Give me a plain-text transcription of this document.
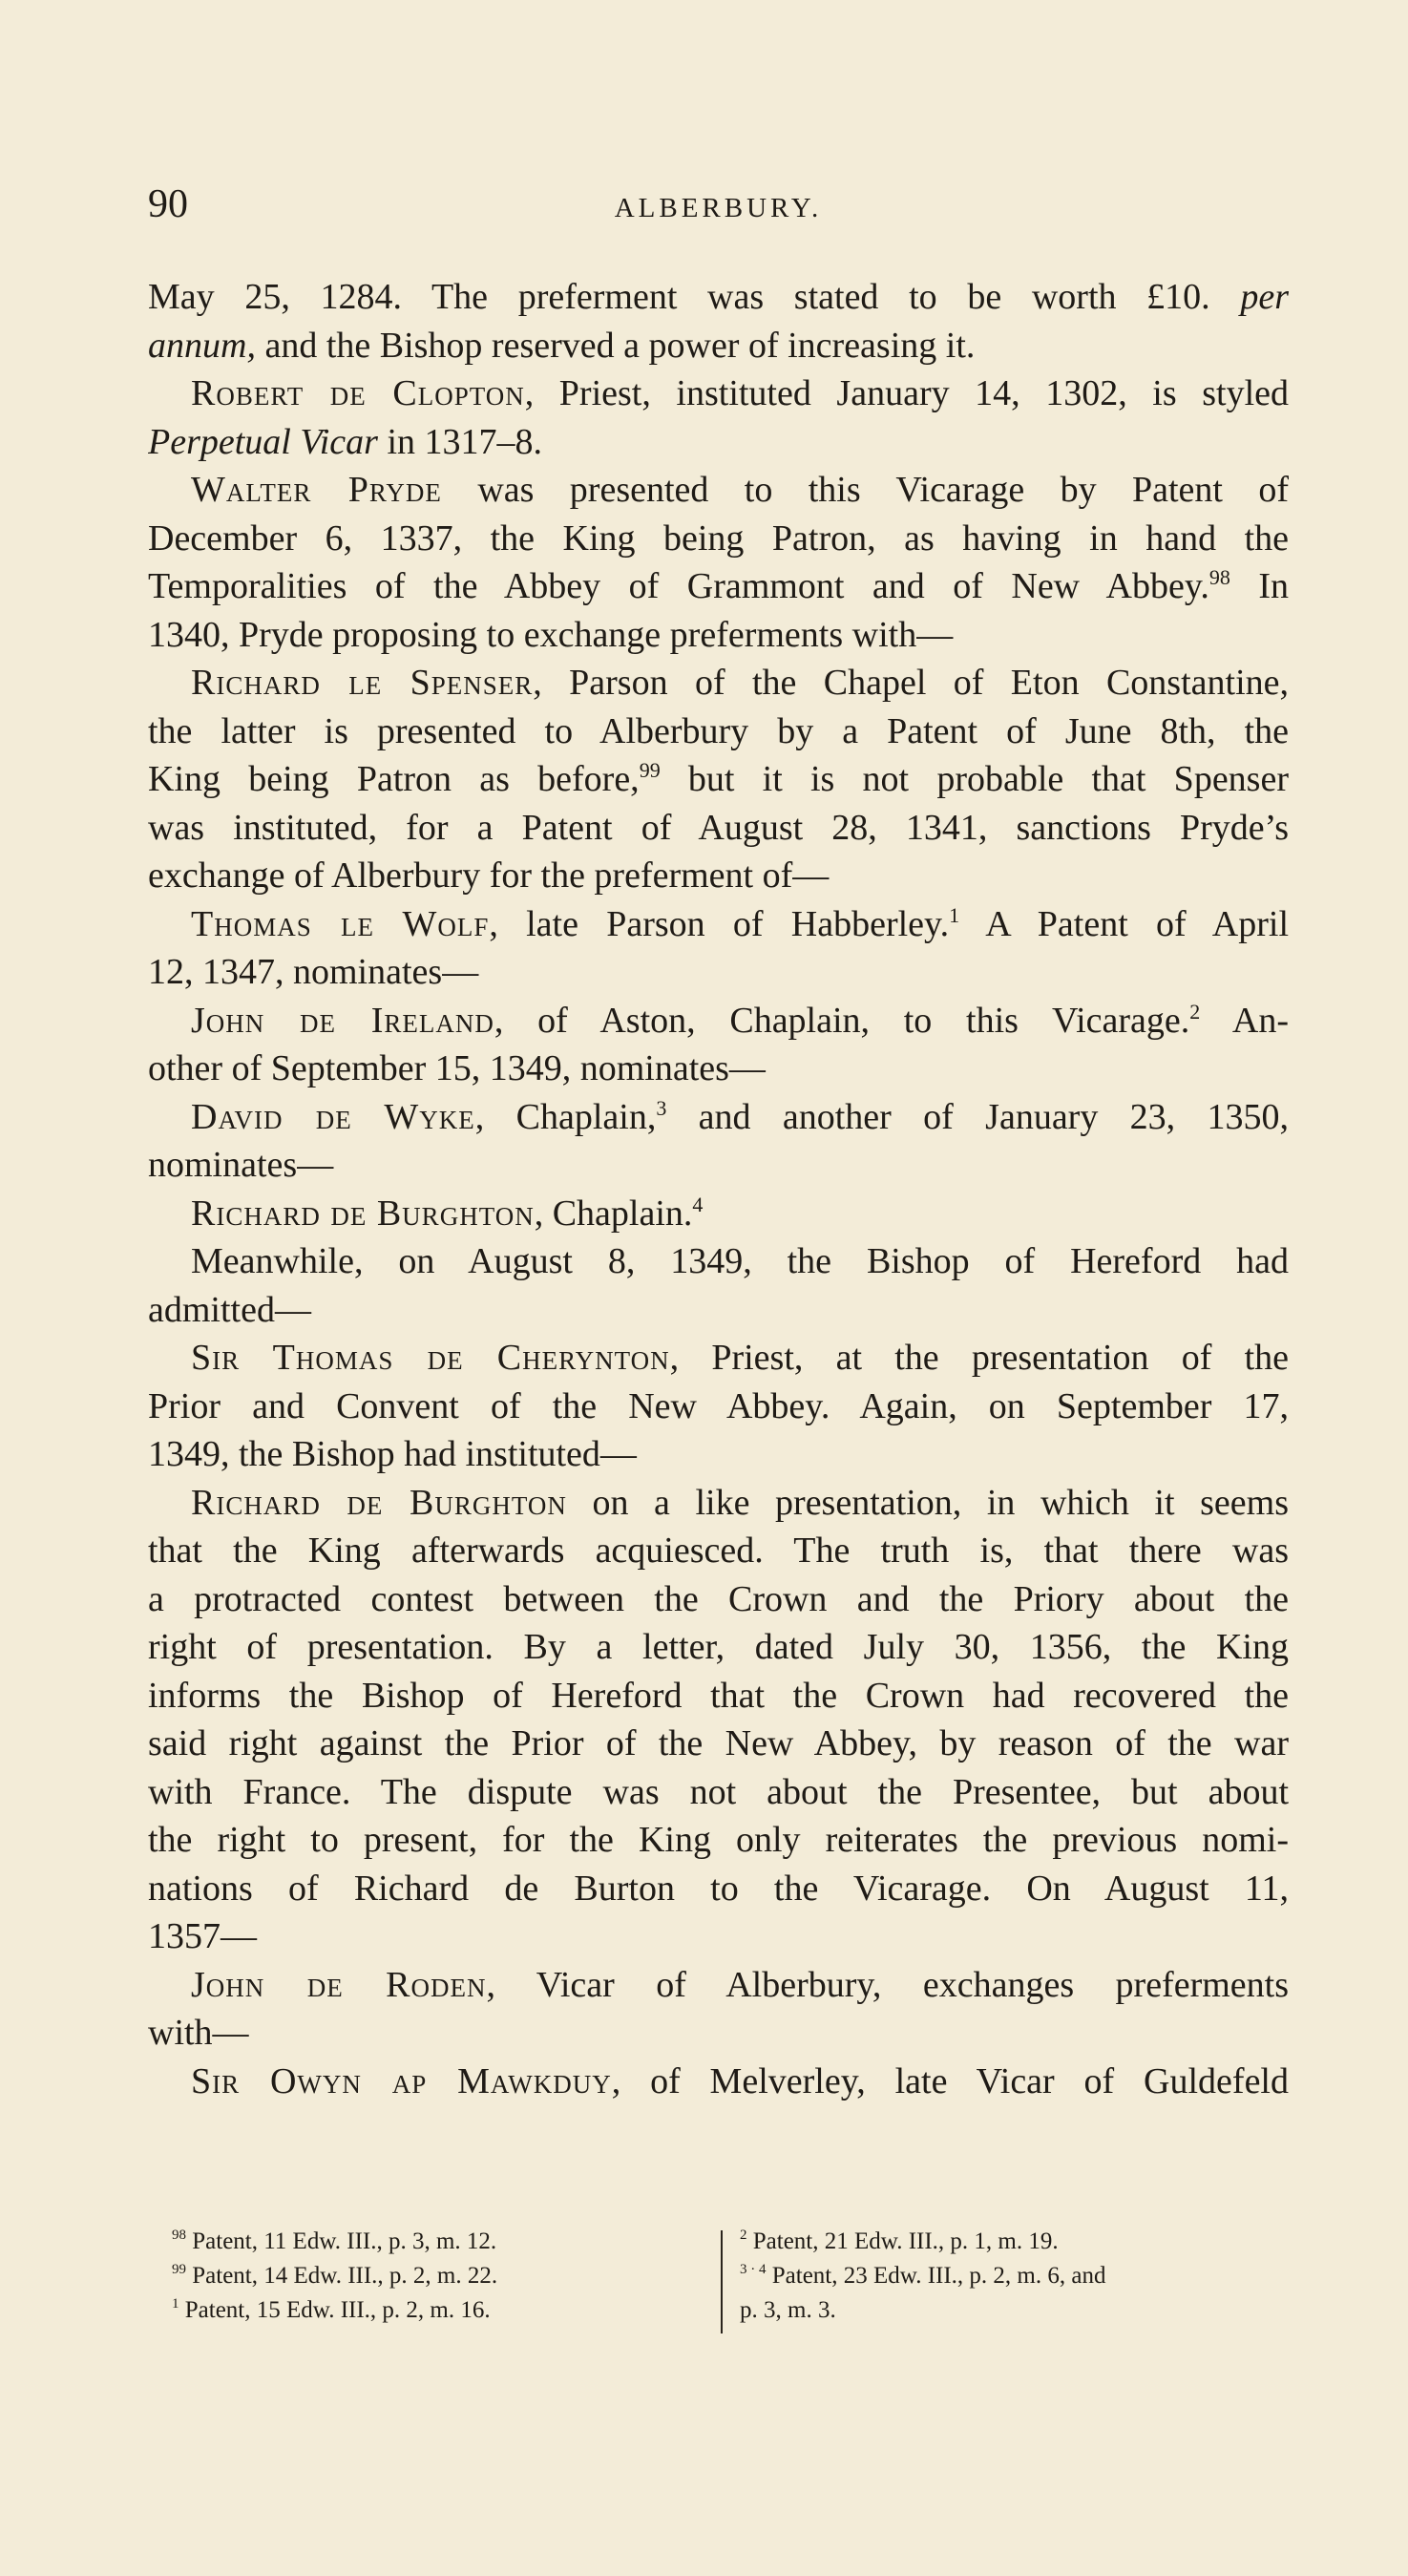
90	ALBERBURY.
May 25, 1284. The preferment was stated to be worth £10. per
annum, and the Bishop reserved a power of increasing it.
Robert de Clopton, Priest, instituted January 14, 1302, is styled
Perpetual Vicar in 1317–8.
Walter Pryde was presented to this Vicarage by Patent of
December 6, 1337, the King being Patron, as having in hand the
Temporalities of the Abbey of Grammont and of New Abbey.$^{98}$ In
1340, Pryde proposing to exchange preferments with—
Richard le Spenser, Parson of the Chapel of Eton Constantine,
the latter is presented to Alberbury by a Patent of June 8th, the
King being Patron as before,$^{99}$ but it is not probable that Spenser
was instituted, for a Patent of August 28, 1341, sanctions Pryde’s
exchange of Alberbury for the preferment of—
Thomas le Wolf, late Parson of Habberley.$^1$ A Patent of April
12, 1347, nominates—
John de Ireland, of Aston, Chaplain, to this Vicarage.$^2$ An-
other of September 15, 1349, nominates—
David de Wyke, Chaplain,$^3$ and another of January 23, 1350,
nominates—
Richard de Burghton, Chaplain.$^4$
Meanwhile, on August 8, 1349, the Bishop of Hereford had
admitted—
Sir Thomas de Cherynton, Priest, at the presentation of the
Prior and Convent of the New Abbey. Again, on September 17,
1349, the Bishop had instituted—
Richard de Burghton on a like presentation, in which it seems
that the King afterwards acquiesced. The truth is, that there was
a protracted contest between the Crown and the Priory about the
right of presentation. By a letter, dated July 30, 1356, the King
informs the Bishop of Hereford that the Crown had recovered the
said right against the Prior of the New Abbey, by reason of the war
with France. The dispute was not about the Presentee, but about
the right to present, for the King only reiterates the previous nomi-
nations of Richard de Burton to the Vicarage. On August 11,
1357—
John de Roden, Vicar of Alberbury, exchanges preferments
with—
Sir Owyn ap Mawkduy, of Melverley, late Vicar of Guldefeld
$^{98}$ Patent, 11 Edw. III., p. 3, m. 12.
$^{99}$ Patent, 14 Edw. III., p. 2, m. 22.
$^1$ Patent, 15 Edw. III., p. 2, m. 16.
$^2$ Patent, 21 Edw. III., p. 1, m. 19.
$^{3 \cdot 4}$ Patent, 23 Edw. III., p. 2, m. 6, and
p. 3, m. 3.
